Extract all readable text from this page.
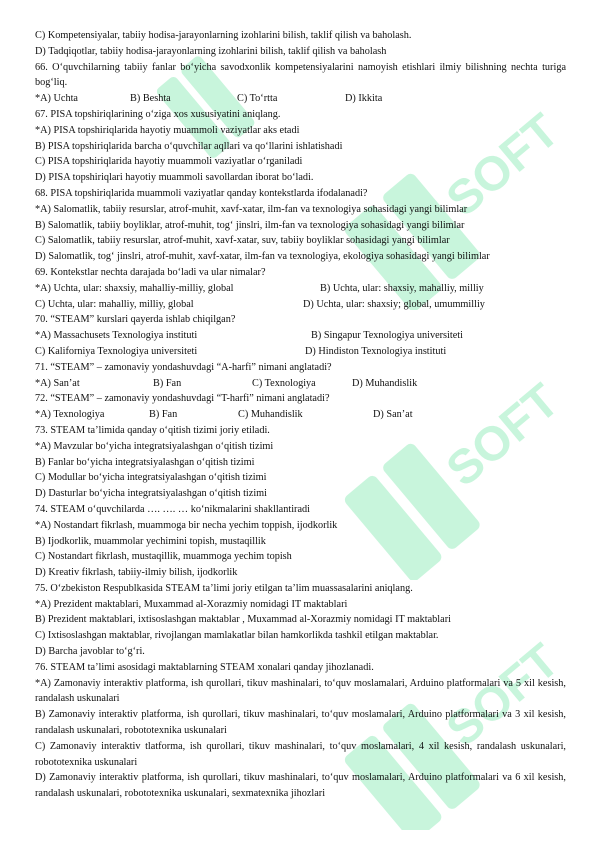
SOFT
SOFT
SOFT
C) Kompetensiyalar, tabiiy hodisa-jarayonlarning izohlarini bilish, taklif qilish va baholash.
D) Tadqiqotlar, tabiiy hodisa-jarayonlarning izohlarini bilish, taklif qilish va baholash
66. O‘quvchilarning tabiiy fanlar bo‘yicha savodxonlik kompetensiyalarini namoyish etishlari ilmiy bilishning nechta turiga bog‘liq.
*A) Uchta	B) Beshta	C) To‘rtta	D) Ikkita
67. PISA topshiriqlarining o‘ziga xos xususiyatini aniqlang.
*A) PISA topshiriqlarida hayotiy muammoli vaziyatlar aks etadi
B) PISA topshiriqlarida barcha o‘quvchilar aqllari va qo‘llarini ishlatishadi
C) PISA topshiriqlarida hayotiy muammoli vaziyatlar o‘rganiladi
D) PISA topshiriqlari hayotiy muammoli savollardan iborat bo‘ladi.
68. PISA topshiriqlarida muammoli vaziyatlar qanday kontekstlarda ifodalanadi?
*A) Salomatlik, tabiiy resurslar, atrof-muhit, xavf-xatar, ilm-fan va texnologiya sohasidagi yangi bilimlar
B) Salomatlik, tabiiy boyliklar, atrof-muhit, tog‘ jinslri, ilm-fan va texnologiya sohasidagi yangi bilimlar
C) Salomatlik, tabiiy resurslar, atrof-muhit, xavf-xatar, suv, tabiiy boyliklar sohasidagi yangi bilimlar
D) Salomatlik, tog‘ jinslri, atrof-muhit, xavf-xatar, ilm-fan va texnologiya, ekologiya sohasidagi yangi bilimlar
69. Kontekstlar nechta darajada bo‘ladi va ular nimalar?
*A) Uchta, ular: shaxsiy, mahalliy-milliy, global	B) Uchta, ular: shaxsiy, mahalliy, milliy
C) Uchta, ular: mahalliy, milliy, global	D) Uchta, ular: shaxsiy; global, umummilliy
70. “STEAM” kurslari qayerda ishlab chiqilgan?
*A) Massachusets Texnologiya instituti	B) Singapur Texnologiya universiteti
C) Kaliforniya Texnologiya universiteti	D) Hindiston Texnologiya instituti
71. “STEAM” – zamonaviy yondashuvdagi “A-harfi” nimani anglatadi?
*A) San’at	B) Fan	C) Texnologiya	D) Muhandislik
72. “STEAM” – zamonaviy yondashuvdagi “T-harfi” nimani anglatadi?
*A) Texnologiya	B) Fan	C) Muhandislik	D) San’at
73. STEAM ta’limida qanday o‘qitish tizimi joriy etiladi.
*A) Mavzular bo‘yicha integratsiyalashgan o‘qitish tizimi
B) Fanlar bo‘yicha integratsiyalashgan o‘qitish tizimi
C) Modullar bo‘yicha integratsiyalashgan o‘qitish tizimi
D) Dasturlar bo‘yicha integratsiyalashgan o‘qitish tizimi
74. STEAM o‘quvchilarda …. …. … ko‘nikmalarini shakllantiradi
*A) Nostandart fikrlash, muammoga bir necha yechim toppish, ijodkorlik
B) Ijodkorlik, muammolar yechimini topish, mustaqillik
C) Nostandart fikrlash, mustaqillik, muammoga yechim topish
D) Kreativ fikrlash, tabiiy-ilmiy bilish, ijodkorlik
75. O‘zbekiston Respublkasida STEAM ta’limi joriy etilgan ta’lim muassasalarini aniqlang.
*A) Prezident maktablari, Muxammad al-Xorazmiy nomidagi IT maktablari
B) Prezident maktablari, ixtisoslashgan maktablar , Muxammad al-Xorazmiy nomidagi IT maktablari
C) Ixtisoslashgan maktablar, rivojlangan mamlakatlar bilan hamkorlikda tashkil etilgan maktablar.
D) Barcha javoblar to‘g‘ri.
76. STEAM ta’limi asosidagi maktablarning STEAM xonalari qanday jihozlanadi.
*A) Zamonaviy interaktiv platforma, ish qurollari, tikuv mashinalari, to‘quv moslamalari, Arduino platformalari va 5 xil kesish, randalash uskunalari
B) Zamonaviy interaktiv platforma, ish qurollari, tikuv mashinalari, to‘quv moslamalari, Arduino platformalari va 3 xil kesish, randalash uskunalari, robototexnika uskunalari
C) Zamonaviy interaktiv tlatforma, ish qurollari, tikuv mashinalari, to‘quv moslamalari, 4 xil kesish, randalash uskunalari, robototexnika uskunalari
D) Zamonaviy interaktiv platforma, ish qurollari, tikuv mashinalari, to‘quv moslamalari, Arduino platformalari va 6 xil kesish, randalash uskunalari, robototexnika uskunalari, sexmatexnika jihozlari
